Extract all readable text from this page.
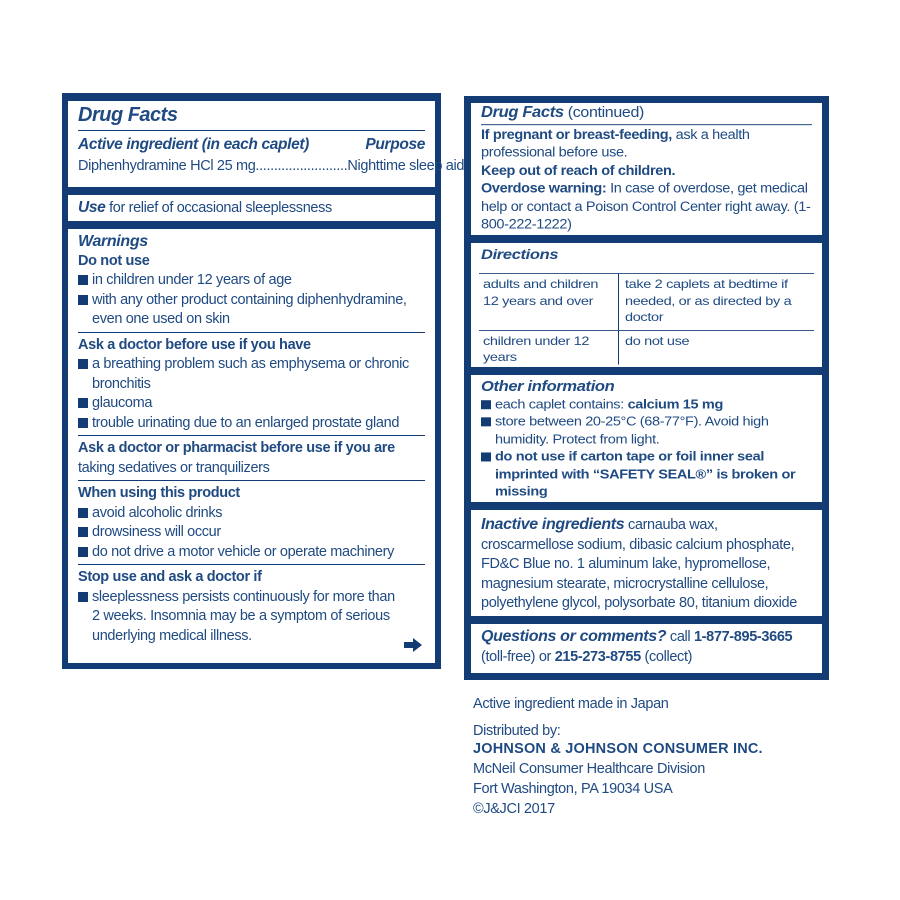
Drug Facts
Active ingredient (in each caplet)	Purpose
Diphenhydramine HCl 25 mg.........................Nighttime sleep aid
Use for relief of occasional sleeplessness
Warnings
Do not use
in children under 12 years of age
with any other product containing diphenhydramine, even one used on skin
Ask a doctor before use if you have
a breathing problem such as emphysema or chronic bronchitis
glaucoma
trouble urinating due to an enlarged prostate gland
Ask a doctor or pharmacist before use if you are taking sedatives or tranquilizers
When using this product
avoid alcoholic drinks
drowsiness will occur
do not drive a motor vehicle or operate machinery
Stop use and ask a doctor if
sleeplessness persists continuously for more than 2 weeks. Insomnia may be a symptom of serious underlying medical illness.
Drug Facts (continued)
If pregnant or breast-feeding, ask a health professional before use.
Keep out of reach of children.
Overdose warning: In case of overdose, get medical help or contact a Poison Control Center right away. (1-800-222-1222)
Directions
adults and children 12 years and over
take 2 caplets at bedtime if needed, or as directed by a doctor
children under 12 years
do not use
Other information
each caplet contains: calcium 15 mg
store between 20-25°C (68-77°F). Avoid high humidity. Protect from light.
do not use if carton tape or foil inner seal imprinted with “SAFETY SEAL®” is broken or missing
Inactive ingredients carnauba wax, croscarmellose sodium, dibasic calcium phosphate, FD&C Blue no. 1 aluminum lake, hypromellose, magnesium stearate, microcrystalline cellulose, polyethylene glycol, polysorbate 80, titanium dioxide
Questions or comments? call 1-877-895-3665
(toll-free) or 215-273-8755 (collect)
Active ingredient made in Japan
Distributed by:
JOHNSON & JOHNSON CONSUMER INC.
McNeil Consumer Healthcare Division
Fort Washington, PA 19034 USA
©J&JCI 2017
